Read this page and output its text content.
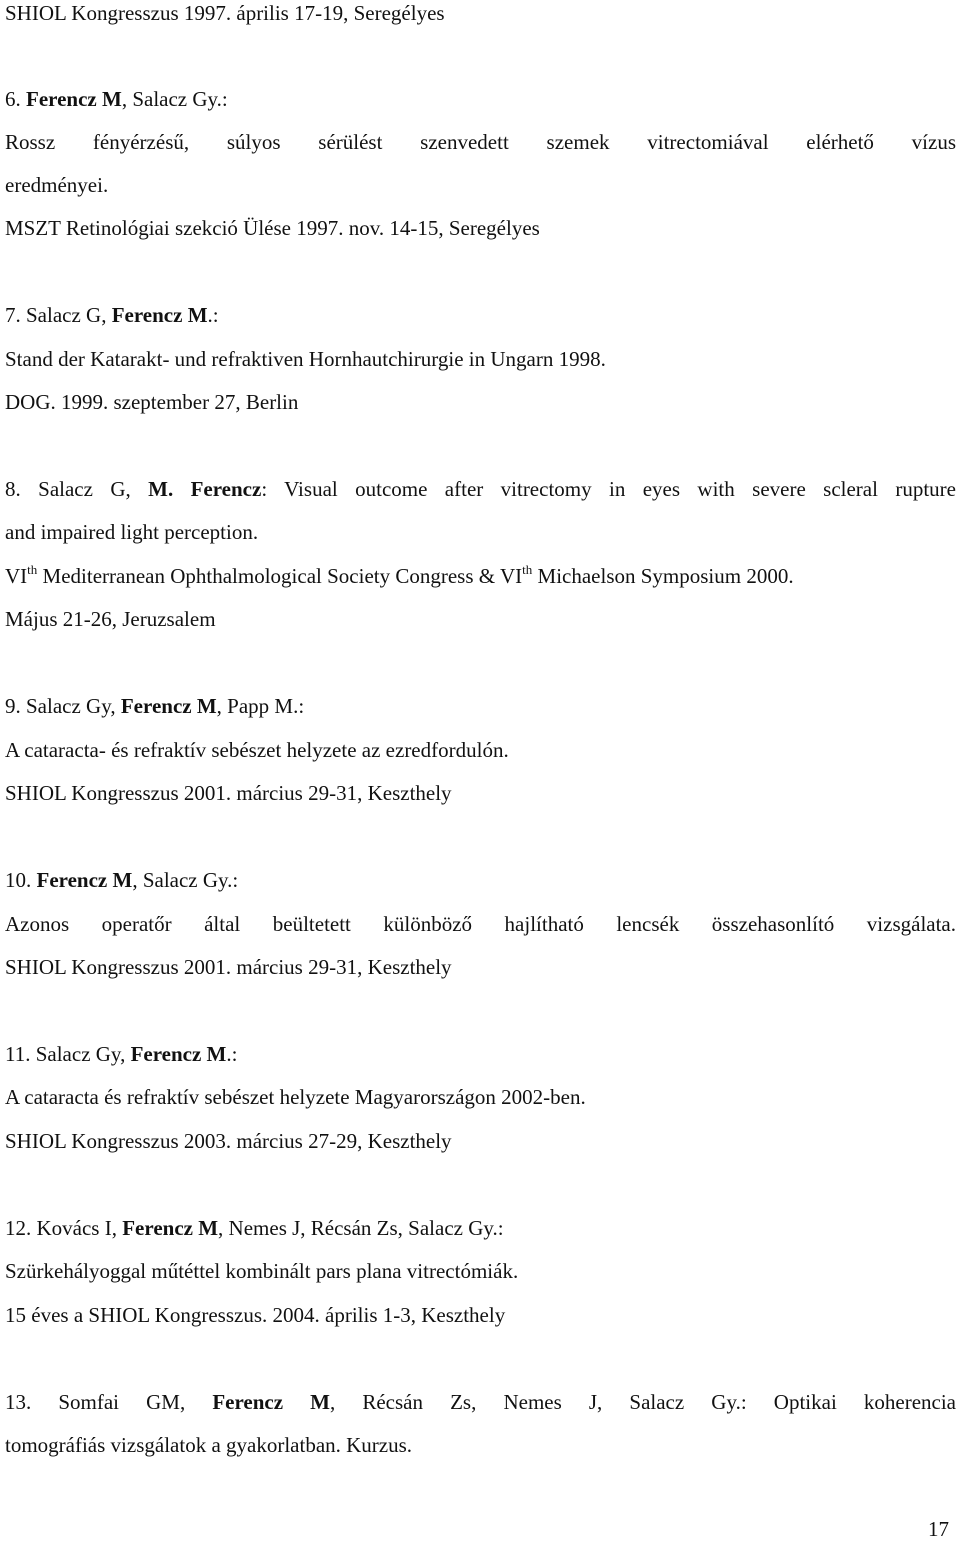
SHIOL Kongresszus 1997. április 17-19, Seregélyes

6. Ferencz M, Salacz Gy.:

Rossz fényérzésű, súlyos sérülést szenvedett szemek vitrectomiával elérhető vízus

eredményei.

MSZT Retinológiai szekció Ülése 1997. nov. 14-15, Seregélyes

7. Salacz G, Ferencz M.:

Stand der Katarakt- und refraktiven Hornhautchirurgie in Ungarn 1998.

DOG. 1999. szeptember 27, Berlin

8. Salacz G, M. Ferencz: Visual outcome after vitrectomy in eyes with severe scleral rupture

and impaired light perception.

VIth Mediterranean Ophthalmological Society Congress & VIth Michaelson Symposium 2000.

Május 21-26, Jeruzsalem

9. Salacz Gy, Ferencz M, Papp M.:

A cataracta- és refraktív sebészet helyzete az ezredfordulón.

SHIOL Kongresszus 2001. március 29-31, Keszthely

10. Ferencz M, Salacz Gy.:

Azonos operatőr által beültetett különböző hajlítható lencsék összehasonlító vizsgálata.

SHIOL Kongresszus 2001. március 29-31, Keszthely

11. Salacz Gy, Ferencz M.:

A cataracta és refraktív sebészet helyzete Magyarországon 2002-ben.

SHIOL Kongresszus 2003. március 27-29, Keszthely

12. Kovács I, Ferencz M, Nemes J, Récsán Zs, Salacz Gy.:

Szürkehályoggal műtéttel kombinált pars plana vitrectómiák.

15 éves a SHIOL Kongresszus. 2004. április 1-3, Keszthely

13. Somfai GM, Ferencz M, Récsán Zs, Nemes J, Salacz Gy.: Optikai koherencia

tomográfiás vizsgálatok a gyakorlatban. Kurzus.

17
